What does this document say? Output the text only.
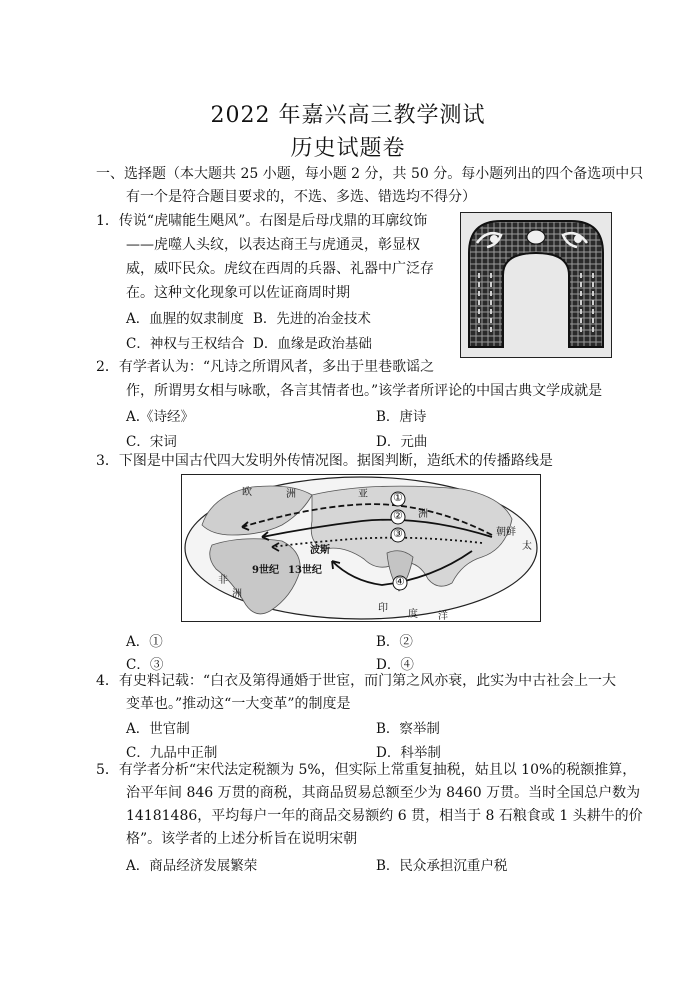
2022 年嘉兴高三教学测试
历史试题卷
一、选择题（本大题共 25 小题，每小题 2 分，共 50 分。每小题列出的四个备选项中只
有一个是符合题目要求的，不选、多选、错选均不得分）
1．传说“虎啸能生飓风”。右图是后母戊鼎的耳廓纹饰
——虎噬人头纹，以表达商王与虎通灵，彰显权
威，威吓民众。虎纹在西周的兵器、礼器中广泛存
在。这种文化现象可以佐证商周时期
A．血腥的奴隶制度 B．先进的冶金技术
C．神权与王权结合 D．血缘是政治基础
2．有学者认为：“凡诗之所谓风者，多出于里巷歌谣之
作，所谓男女相与咏歌，各言其情者也。”该学者所评论的中国古典文学成就是
A.《诗经》	B．唐诗
C．宋词	D．元曲
3．下图是中国古代四大发明外传情况图。据图判断，造纸术的传播路线是
①
②
③
④
欧	洲	亚
洲
非
洲
波斯
朝鲜
太
印
度 洋
9世纪 13世纪
A．①	B．②
C．③	D．④
4．有史料记载：“白衣及第得通婚于世宦，而门第之风亦衰，此实为中古社会上一大
变革也。”推动这“一大变革”的制度是
A．世官制	B．察举制
C．九品中正制	D．科举制
5．有学者分析“宋代法定税额为 5%，但实际上常重复抽税，姑且以 10%的税额推算，
治平年间 846 万贯的商税，其商品贸易总额至少为 8460 万贯。当时全国总户数为
14181486，平均每户一年的商品交易额约 6 贯，相当于 8 石粮食或 1 头耕牛的价
格”。该学者的上述分析旨在说明宋朝
A．商品经济发展繁荣	B．民众承担沉重户税
